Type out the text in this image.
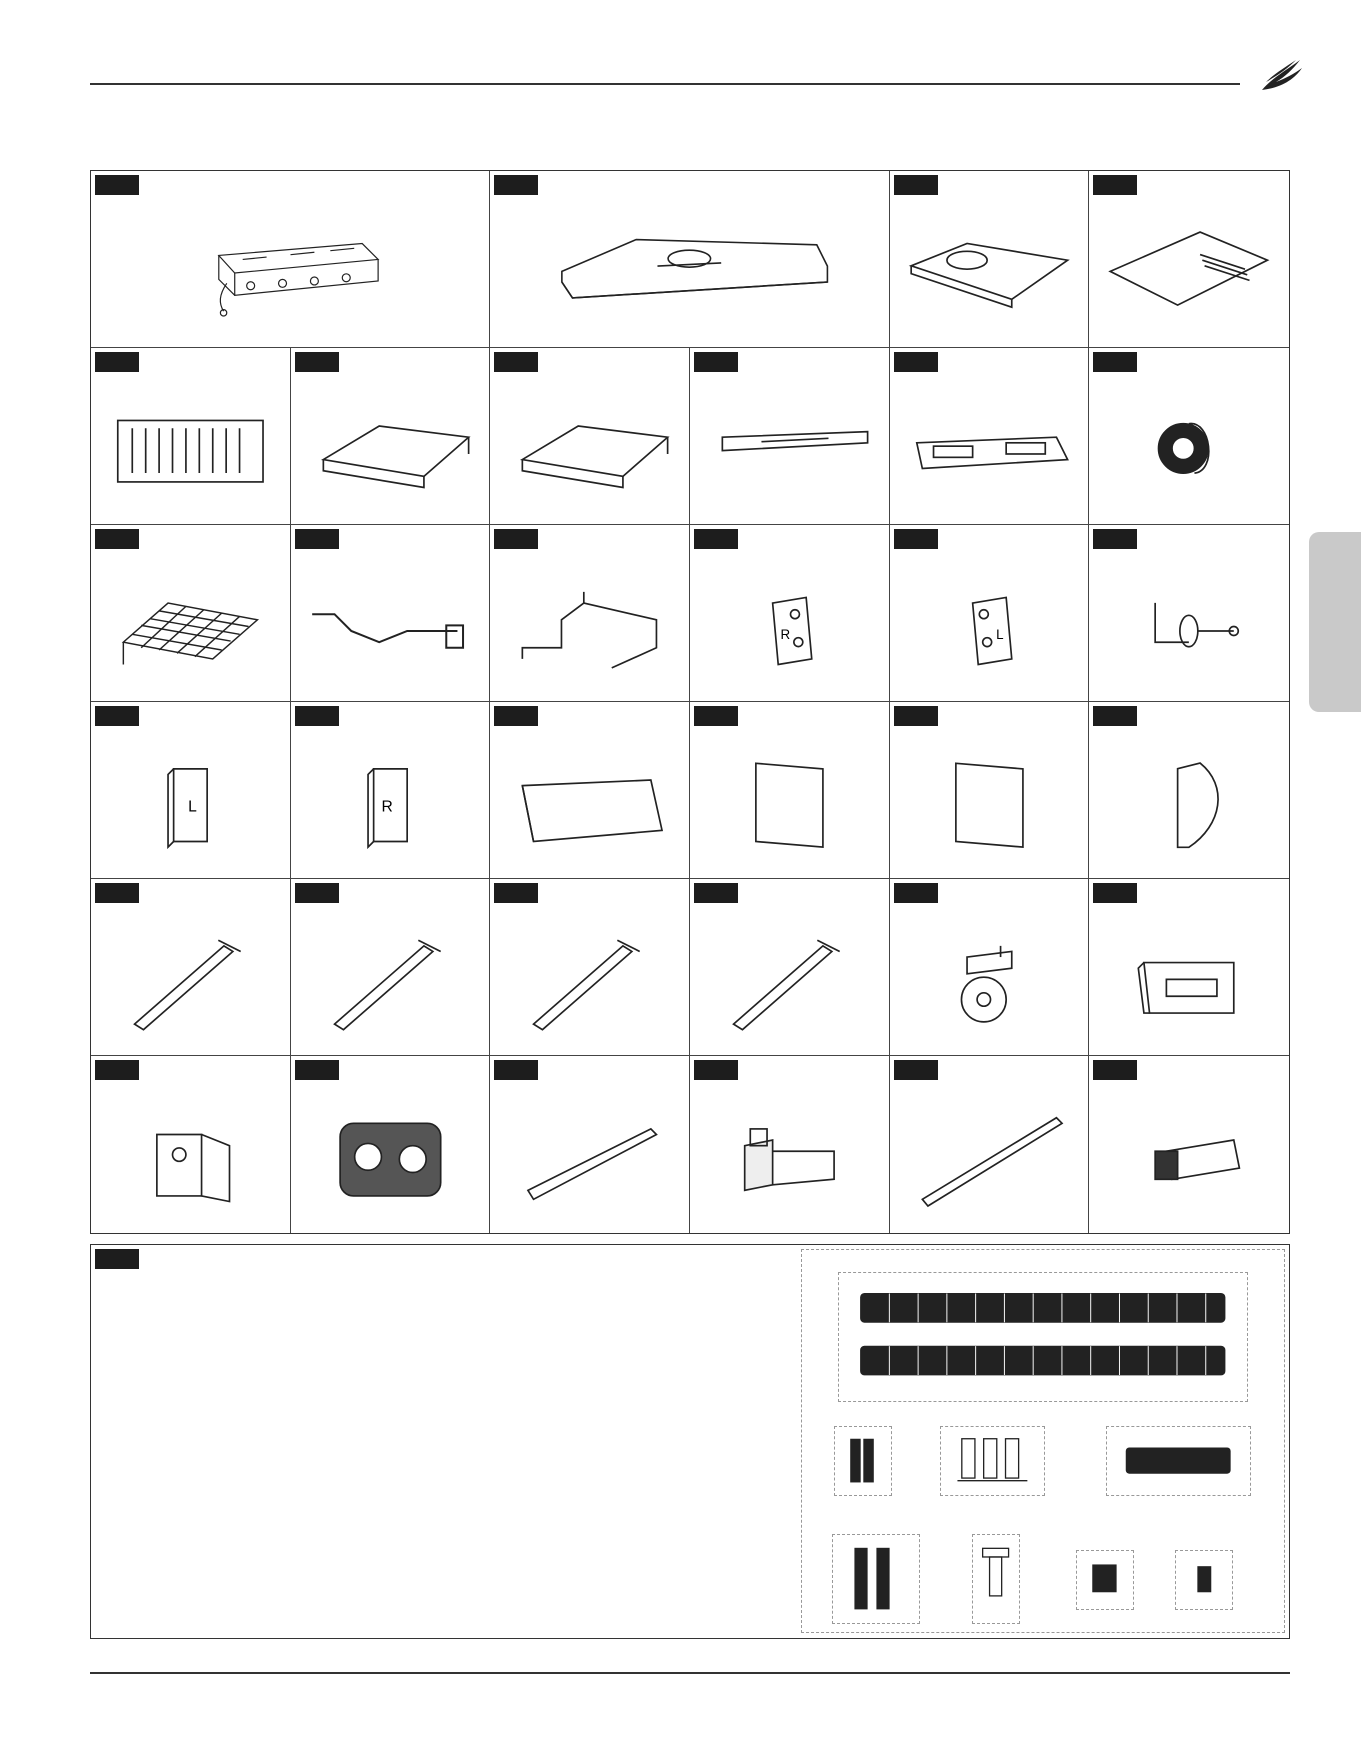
R	L
L	R
